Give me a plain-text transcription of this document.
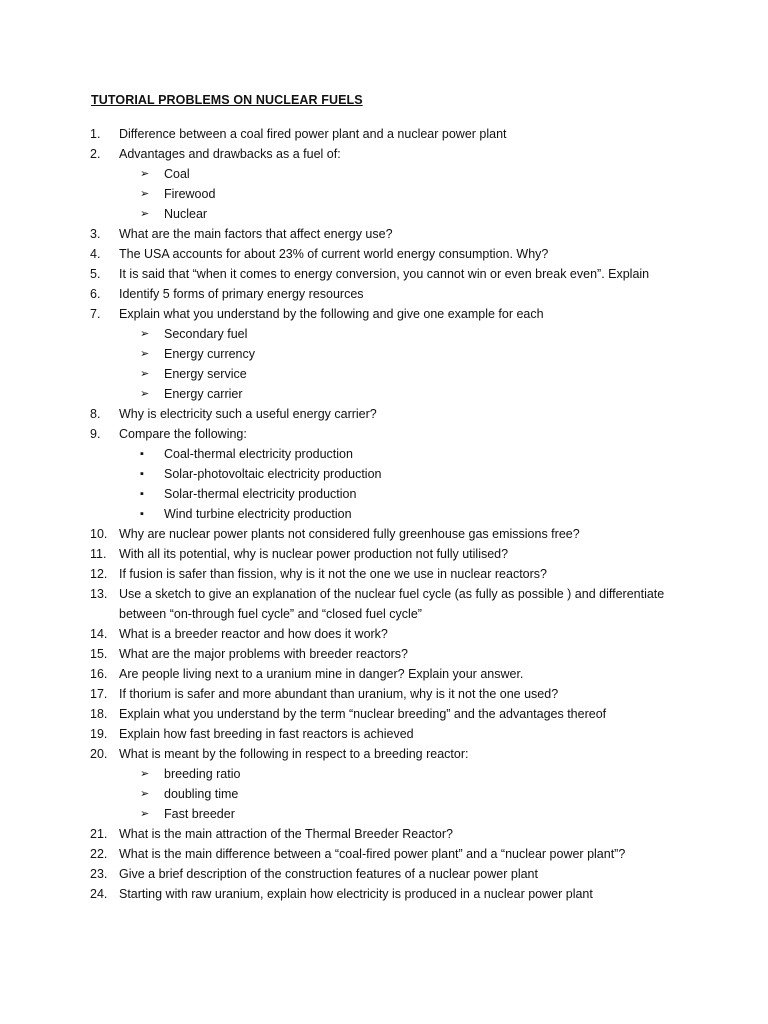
TUTORIAL PROBLEMS ON NUCLEAR FUELS
1. Difference between a coal fired power plant and a nuclear power plant
2. Advantages and drawbacks as a fuel of:
➢ Coal
➢ Firewood
➢ Nuclear
3. What are the main factors that affect energy use?
4. The USA accounts for about 23% of current world energy consumption. Why?
5. It is said that “when it comes to energy conversion, you cannot win or even break even”. Explain
6. Identify 5 forms of primary energy resources
7. Explain what you understand by the following and give one example for each
➢ Secondary fuel
➢ Energy currency
➢ Energy service
➢ Energy carrier
8. Why is electricity such a useful energy carrier?
9. Compare the following:
▪ Coal-thermal electricity production
▪ Solar-photovoltaic electricity production
▪ Solar-thermal electricity production
▪ Wind turbine electricity production
10. Why are nuclear power plants not considered fully greenhouse gas emissions free?
11. With all its potential, why is nuclear power production not fully utilised?
12. If fusion is safer than fission, why is it not the one we use in nuclear reactors?
13. Use a sketch to give an explanation of the nuclear fuel cycle (as fully as possible ) and differentiate
between “on-through fuel cycle” and “closed fuel cycle”
14. What is a breeder reactor and how does it work?
15. What are the major problems with breeder reactors?
16. Are people living next to a uranium mine in danger? Explain your answer.
17. If thorium is safer and more abundant than uranium, why is it not the one used?
18. Explain what you understand by the term “nuclear breeding” and the advantages thereof
19. Explain how fast breeding in fast reactors is achieved
20. What is meant by the following in respect to a breeding reactor:
➢ breeding ratio
➢ doubling time
➢ Fast breeder
21. What is the main attraction of the Thermal Breeder Reactor?
22. What is the main difference between a “coal-fired power plant” and a “nuclear power plant”?
23. Give a brief description of the construction features of a nuclear power plant
24. Starting with raw uranium, explain how electricity is produced in a nuclear power plant
